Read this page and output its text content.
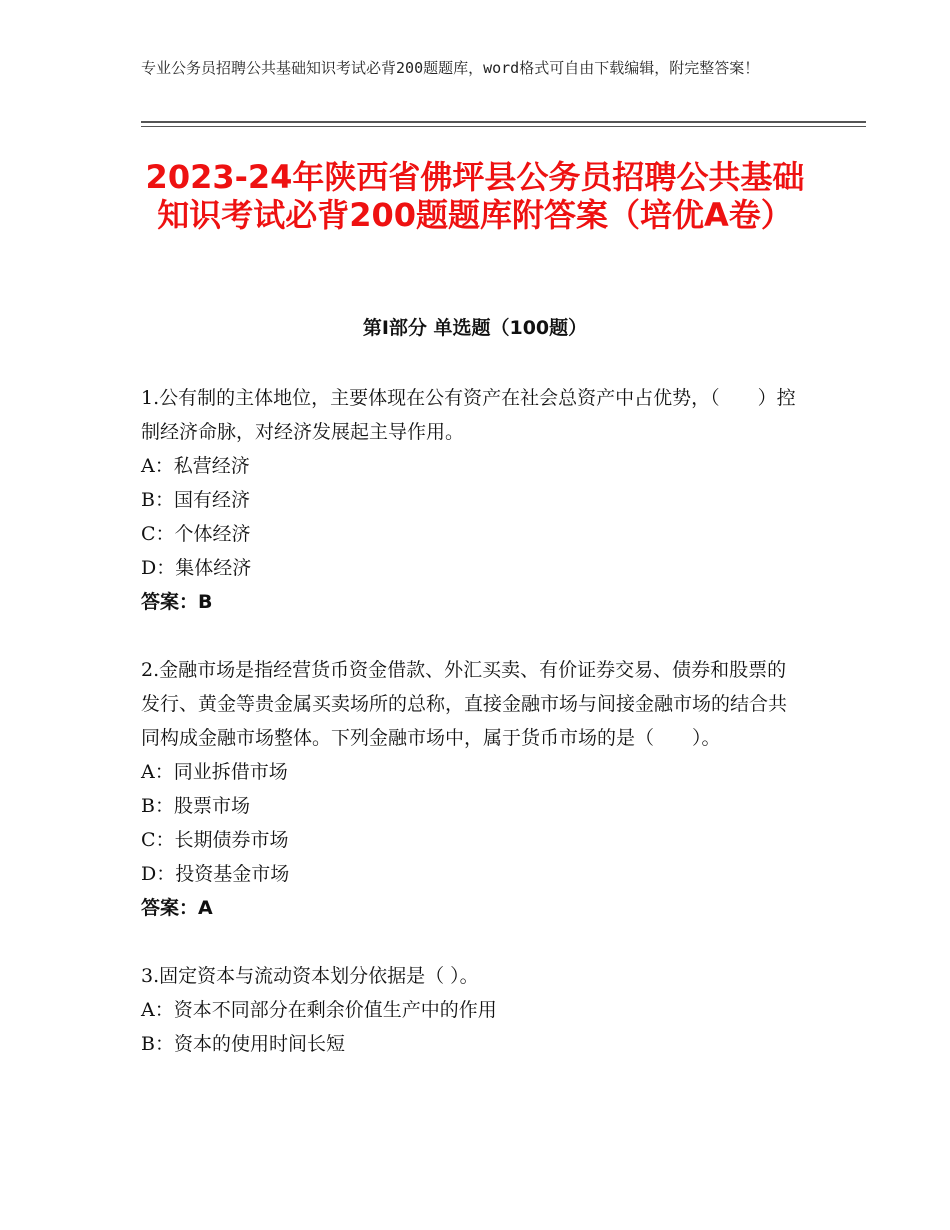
专业公务员招聘公共基础知识考试必背200题题库，word格式可自由下载编辑，附完整答案！
2023-24年陕西省佛坪县公务员招聘公共基础知识考试必背200题题库附答案（培优A卷）
第I部分 单选题（100题）

1.公有制的主体地位，主要体现在公有资产在社会总资产中占优势，（　　）控制经济命脉，对经济发展起主导作用。

A：私营经济

B：国有经济

C：个体经济

D：集体经济

答案：B

2.金融市场是指经营货币资金借款、外汇买卖、有价证券交易、债券和股票的发行、黄金等贵金属买卖场所的总称，直接金融市场与间接金融市场的结合共同构成金融市场整体。下列金融市场中，属于货币市场的是（　　）。

A：同业拆借市场

B：股票市场

C：长期债券市场

D：投资基金市场

答案：A

3.固定资本与流动资本划分依据是（ ）。

A：资本不同部分在剩余价值生产中的作用

B：资本的使用时间长短
